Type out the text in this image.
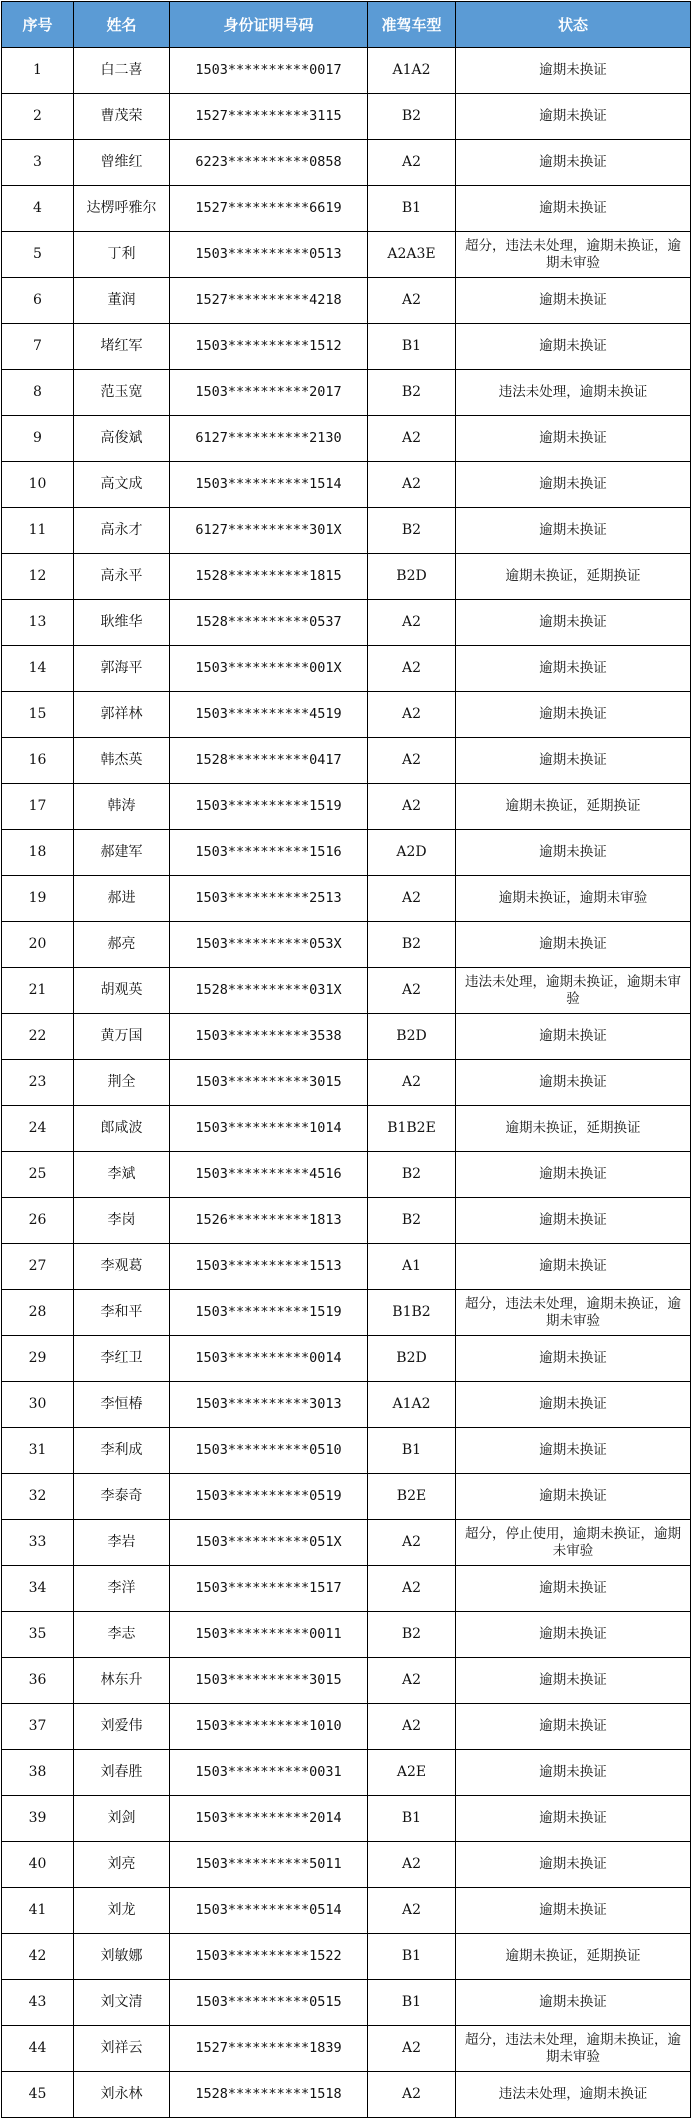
序号	姓名	身份证明号码	准驾车型	状态
1	白二喜	1503**********0017	A1A2	逾期未换证
2	曹茂荣	1527**********3115	B2	逾期未换证
3	曾维红	6223**********0858	A2	逾期未换证
4	达楞呼雅尔	1527**********6619	B1	逾期未换证
5	丁利	1503**********0513	A2A3E	超分，违法未处理，逾期未换证，逾期未审验
6	董润	1527**********4218	A2	逾期未换证
7	堵红军	1503**********1512	B1	逾期未换证
8	范玉宽	1503**********2017	B2	违法未处理，逾期未换证
9	高俊斌	6127**********2130	A2	逾期未换证
10	高文成	1503**********1514	A2	逾期未换证
11	高永才	6127**********301X	B2	逾期未换证
12	高永平	1528**********1815	B2D	逾期未换证，延期换证
13	耿维华	1528**********0537	A2	逾期未换证
14	郭海平	1503**********001X	A2	逾期未换证
15	郭祥林	1503**********4519	A2	逾期未换证
16	韩杰英	1528**********0417	A2	逾期未换证
17	韩涛	1503**********1519	A2	逾期未换证，延期换证
18	郝建军	1503**********1516	A2D	逾期未换证
19	郝进	1503**********2513	A2	逾期未换证，逾期未审验
20	郝亮	1503**********053X	B2	逾期未换证
21	胡观英	1528**********031X	A2	违法未处理，逾期未换证，逾期未审验
22	黄万国	1503**********3538	B2D	逾期未换证
23	荆全	1503**********3015	A2	逾期未换证
24	郎咸波	1503**********1014	B1B2E	逾期未换证，延期换证
25	李斌	1503**********4516	B2	逾期未换证
26	李岗	1526**********1813	B2	逾期未换证
27	李观葛	1503**********1513	A1	逾期未换证
28	李和平	1503**********1519	B1B2	超分，违法未处理，逾期未换证，逾期未审验
29	李红卫	1503**********0014	B2D	逾期未换证
30	李恒椿	1503**********3013	A1A2	逾期未换证
31	李利成	1503**********0510	B1	逾期未换证
32	李泰奇	1503**********0519	B2E	逾期未换证
33	李岩	1503**********051X	A2	超分，停止使用，逾期未换证，逾期未审验
34	李洋	1503**********1517	A2	逾期未换证
35	李志	1503**********0011	B2	逾期未换证
36	林东升	1503**********3015	A2	逾期未换证
37	刘爱伟	1503**********1010	A2	逾期未换证
38	刘春胜	1503**********0031	A2E	逾期未换证
39	刘剑	1503**********2014	B1	逾期未换证
40	刘亮	1503**********5011	A2	逾期未换证
41	刘龙	1503**********0514	A2	逾期未换证
42	刘敏娜	1503**********1522	B1	逾期未换证，延期换证
43	刘文清	1503**********0515	B1	逾期未换证
44	刘祥云	1527**********1839	A2	超分，违法未处理，逾期未换证，逾期未审验
45	刘永林	1528**********1518	A2	违法未处理，逾期未换证
